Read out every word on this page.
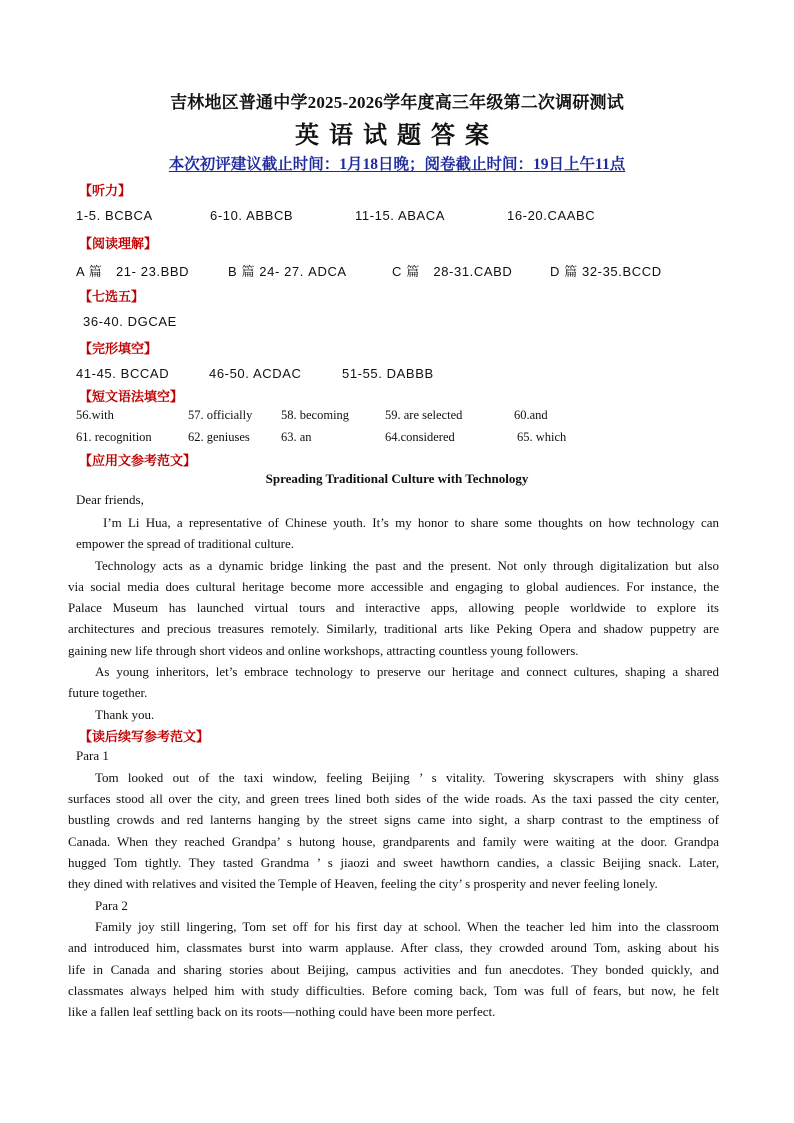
吉林地区普通中学2025-2026学年度高三年级第二次调研测试
英语试题答案
本次初评建议截止时间：1月18日晚；阅卷截止时间：19日上午11点
【听力】
1-5. BCBCA	6-10. ABBCB	11-15. ABACA	16-20.CAABC
【阅读理解】
A 篇　21- 23.BBD	B 篇 24- 27. ADCA	C 篇　28-31.CABD	D 篇 32-35.BCCD
【七选五】
36-40. DGCAE
【完形填空】
41-45. BCCAD	46-50. ACDAC	51-55. DABBB
【短文语法填空】
56.with	57. officially 58. becoming	59. are selected	60.and
61. recognition	62. geniuses 63. an	64.considered	65. which
【应用文参考范文】
Spreading Traditional Culture with Technology
Dear friends,
I’m Li Hua, a representative of Chinese youth. It’s my honor to share some thoughts on how technology can
empower the spread of traditional culture.
Technology acts as a dynamic bridge linking the past and the present. Not only through digitalization but also
via social media does cultural heritage become more accessible and engaging to global audiences. For instance, the
Palace Museum has launched virtual tours and interactive apps, allowing people worldwide to explore its
architectures and precious treasures remotely. Similarly, traditional arts like Peking Opera and shadow puppetry are
gaining new life through short videos and online workshops, attracting countless young followers.
As young inheritors, let’s embrace technology to preserve our heritage and connect cultures, shaping a shared
future together.
Thank you.
【读后续写参考范文】
Para 1
Tom looked out of the taxi window, feeling Beijing ’ s vitality. Towering skyscrapers with shiny glass
surfaces stood all over the city, and green trees lined both sides of the wide roads. As the taxi passed the city center,
bustling crowds and red lanterns hanging by the street signs came into sight, a sharp contrast to the emptiness of
Canada. When they reached Grandpa’ s hutong house, grandparents and family were waiting at the door. Grandpa
hugged Tom tightly. They tasted Grandma ’ s jiaozi and sweet hawthorn candies, a classic Beijing snack. Later,
they dined with relatives and visited the Temple of Heaven, feeling the city’ s prosperity and never feeling lonely.
Para 2
Family joy still lingering, Tom set off for his first day at school. When the teacher led him into the classroom
and introduced him, classmates burst into warm applause. After class, they crowded around Tom, asking about his
life in Canada and sharing stories about Beijing, campus activities and fun anecdotes. They bonded quickly, and
classmates always helped him with study difficulties. Before coming back, Tom was full of fears, but now, he felt
like a fallen leaf settling back on its roots—nothing could have been more perfect.
